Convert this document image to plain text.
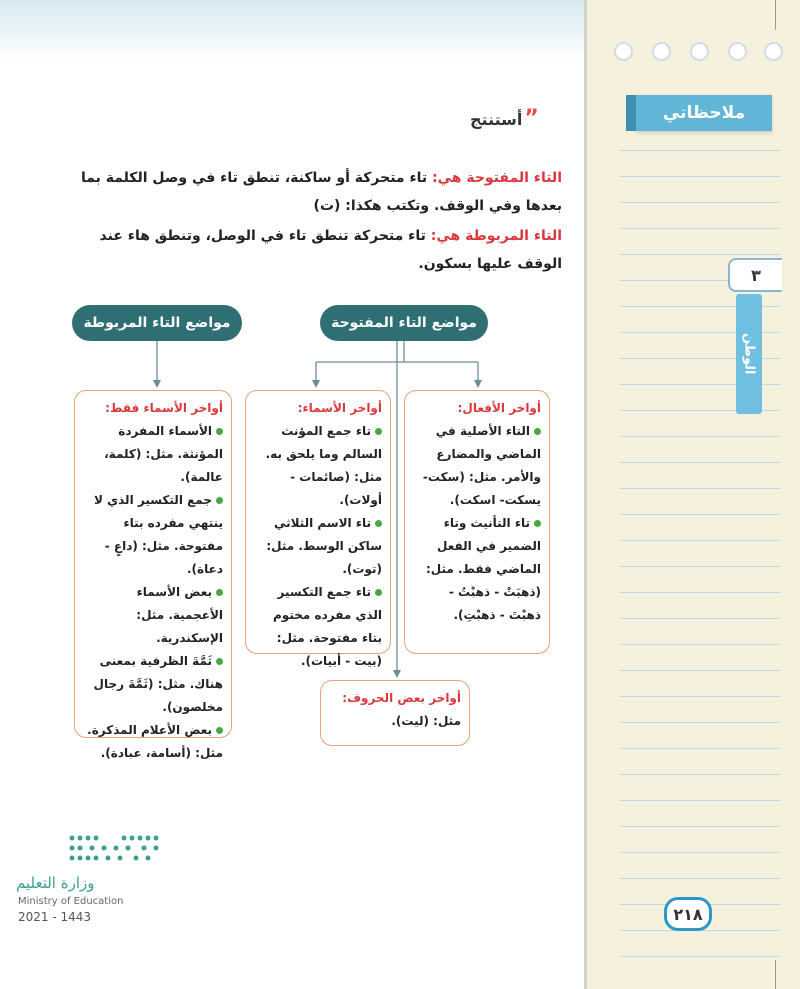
ملاحظاتي
٣
الوطن
”
أستنتج
التاء المفتوحة هي: تاء متحركة أو ساكنة، تنطق تاء في وصل الكلمة بما بعدها وفي الوقف. وتكتب هكذا: (ت)
التاء المربوطة هي: تاء متحركة تنطق تاء في الوصل، وتنطق هاء عند الوقف عليها بسكون.
مواضع التاء المفتوحة
مواضع التاء المربوطة

أواخر الأفعال:

التاء الأصلية في الماضي والمضارع والأمر. مثل: (سكت- يسكت- اسكت).

تاء التأنيث وتاء الضمير في الفعل الماضي فقط. مثل: (ذهبَتْ - ذهبْتُ - ذهبْتَ - ذهبْتِ).

أواخر الأسماء:

تاء جمع المؤنث السالم وما يلحق به. مثل: (صائمات - أولات).

تاء الاسم الثلاثي ساكن الوسط. مثل: (توت).

تاء جمع التكسير الذي مفرده مختوم بتاء مفتوحة. مثل: (بيت - أبيات).

أواخر الأسماء فقط:

الأسماء المفردة المؤنثة. مثل: (كلمة، عالمة).

جمع التكسير الذي لا ينتهي مفرده بتاء مفتوحة. مثل: (داعٍ - دعاة).

بعض الأسماء الأعجمية. مثل: الإسكندرية.

ثَمَّةَ الظرفية بمعنى هناك. مثل: (ثَمَّةَ رجال مخلصون).

بعض الأعلام المذكرة. مثل: (أسامة، عبادة).

أواخر بعض الحروف:

مثل: (ليت).

وزارة التعليم
Ministry of Education
2021 - 1443	٢١٨
